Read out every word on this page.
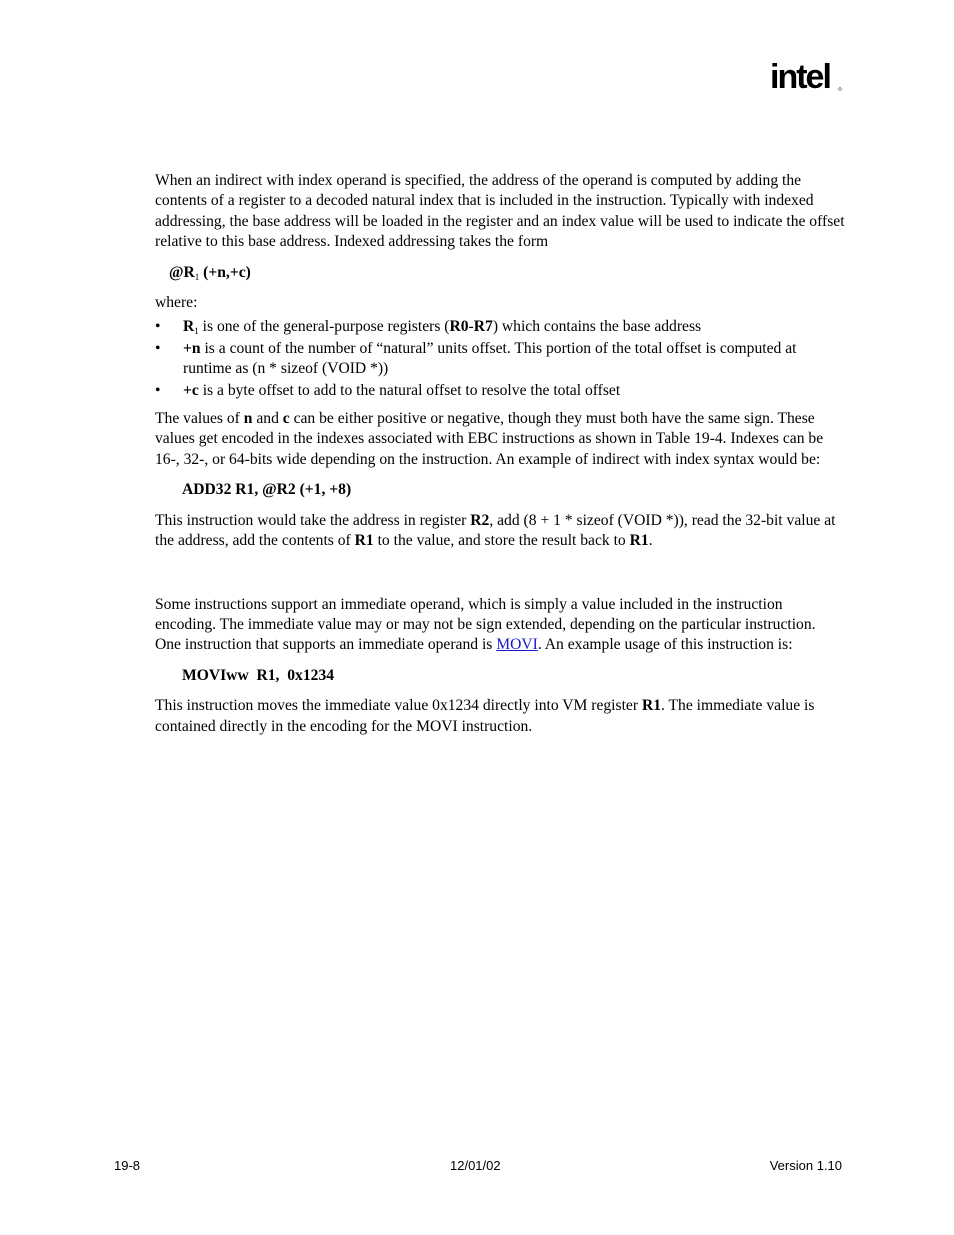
intel

When an indirect with index operand is specified, the address of the operand is computed by adding the contents of a register to a decoded natural index that is included in the instruction. Typically with indexed addressing, the base address will be loaded in the register and an index value will be used to indicate the offset relative to this base address. Indexed addressing takes the form

$@R_1$ (+n,+c)

where:

• $R_1$ is one of the general-purpose registers (R0-R7) which contains the base address
• +n is a count of the number of “natural” units offset. This portion of the total offset is computed at runtime as (n * sizeof (VOID *))
• +c is a byte offset to add to the natural offset to resolve the total offset

The values of n and c can be either positive or negative, though they must both have the same sign. These values get encoded in the indexes associated with EBC instructions as shown in Table 19-4. Indexes can be 16-, 32-, or 64-bits wide depending on the instruction. An example of indirect with index syntax would be:

ADD32 R1, @R2 (+1, +8)

This instruction would take the address in register R2, add (8 + 1 * sizeof (VOID *)), read the 32-bit value at the address, add the contents of R1 to the value, and store the result back to R1.

Some instructions support an immediate operand, which is simply a value included in the instruction encoding. The immediate value may or may not be sign extended, depending on the particular instruction. One instruction that supports an immediate operand is MOVI. An example usage of this instruction is:

MOVIww  R1,  0x1234

This instruction moves the immediate value 0x1234 directly into VM register R1. The immediate value is contained directly in the encoding for the MOVI instruction.

19-8	12/01/02	Version 1.10
